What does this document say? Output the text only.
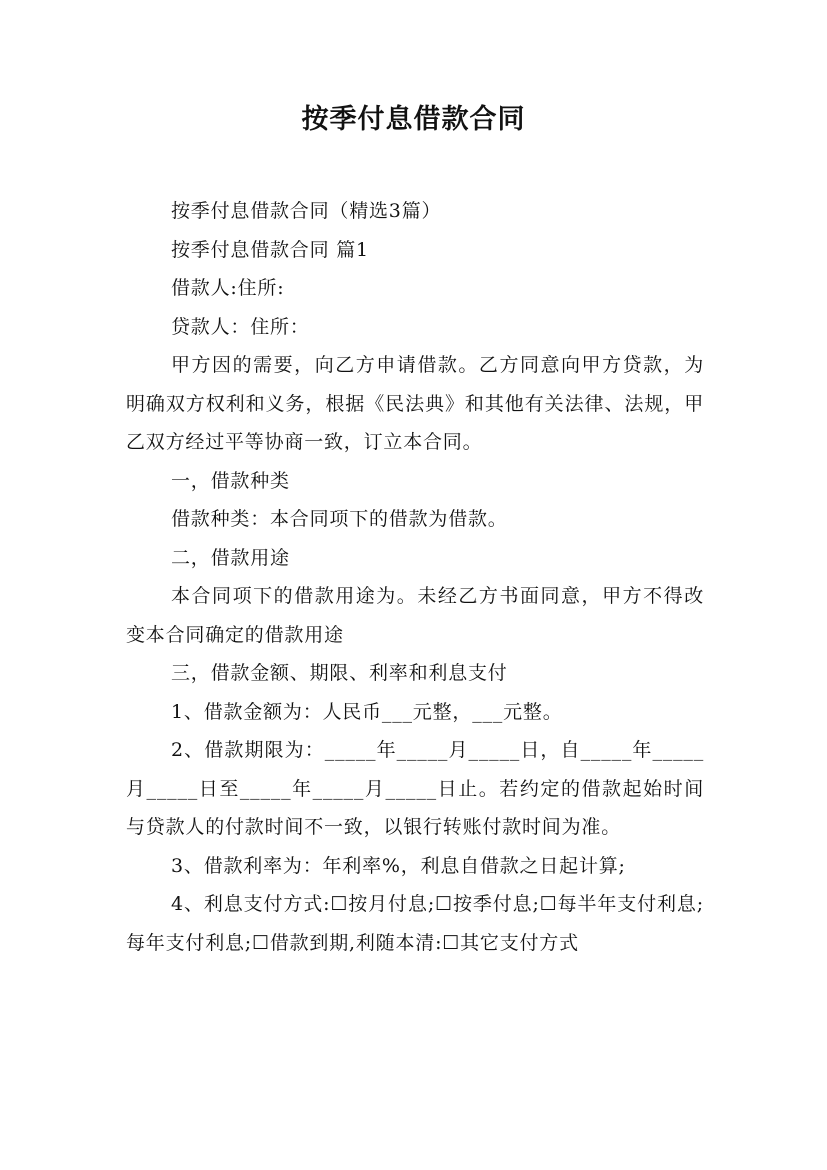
按季付息借款合同

按季付息借款合同（精选3篇）

按季付息借款合同 篇1

借款人:住所:

贷款人：住所：

甲方因的需要，向乙方申请借款。乙方同意向甲方贷款，为明确双方权利和义务，根据《民法典》和其他有关法律、法规，甲乙双方经过平等协商一致，订立本合同。

一，借款种类

借款种类：本合同项下的借款为借款。

二，借款用途

本合同项下的借款用途为。未经乙方书面同意，甲方不得改变本合同确定的借款用途

三，借款金额、期限、利率和利息支付

1、借款金额为：人民币___元整，___元整。

2、借款期限为：_____年_____月_____日，自_____年_____月_____日至_____年_____月_____日止。若约定的借款起始时间与贷款人的付款时间不一致，以银行转账付款时间为准。

3、借款利率为：年利率%，利息自借款之日起计算;

4、利息支付方式:☐按月付息;☐按季付息;☐每半年支付利息;每年支付利息;☐借款到期,利随本清:☐其它支付方式
